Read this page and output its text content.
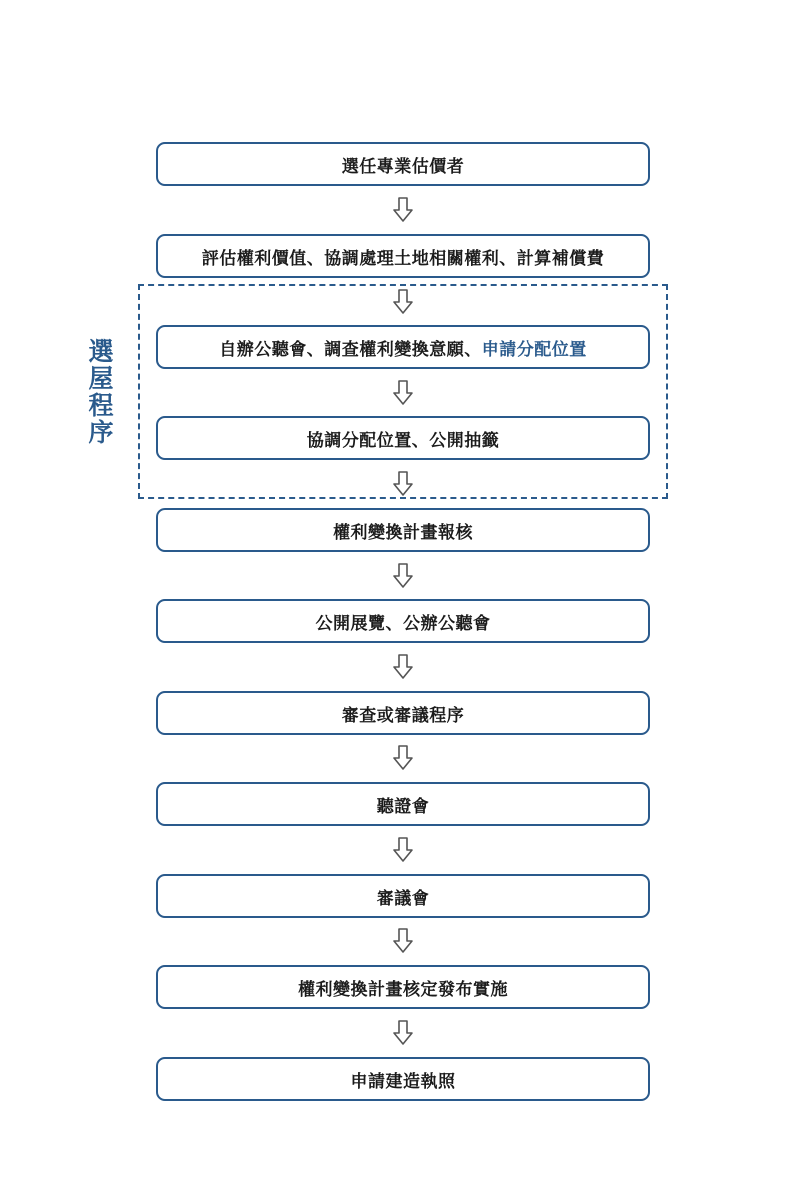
選屋程序
選任專業估價者
評估權利價值、協調處理土地相關權利、計算補償費
自辦公聽會、調查權利變換意願、 申請分配位置
協調分配位置、公開抽籤
權利變換計畫報核
公開展覽、公辦公聽會
審查或審議程序
聽證會
審議會
權利變換計畫核定發布實施
申請建造執照
